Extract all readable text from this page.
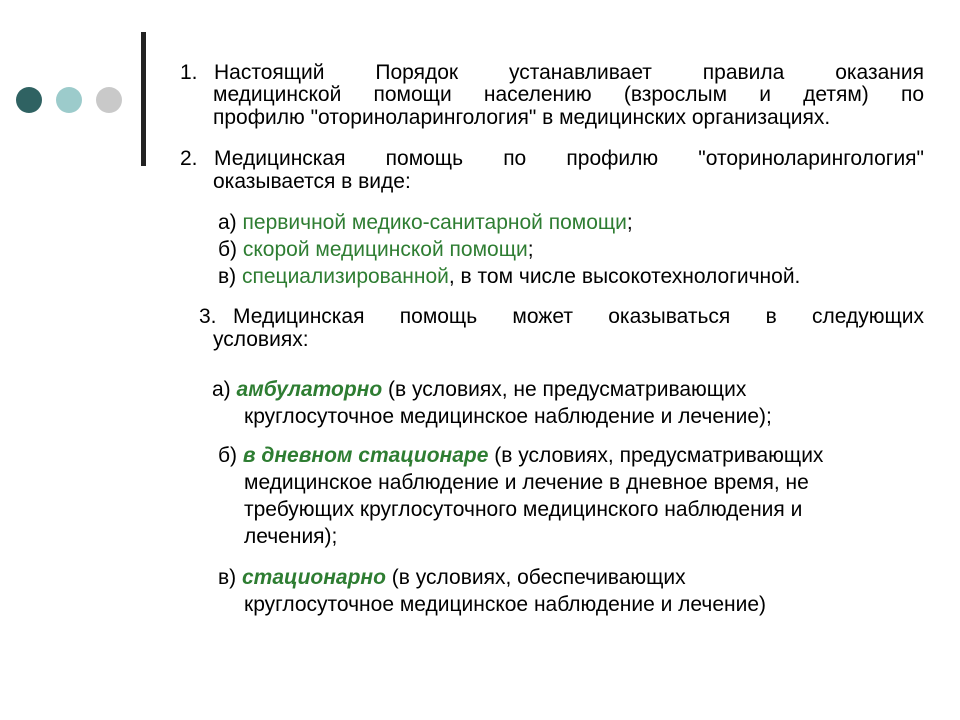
1. Настоящий Порядок устанавливает правила оказания
медицинской помощи населению (взрослым и детям) по
профилю "оториноларингология" в медицинских организациях.
2. Медицинская помощь по профилю "оториноларингология"
оказывается в виде:
а) первичной медико-санитарной помощи;
б) скорой медицинской помощи;
в) специализированной, в том числе высокотехнологичной.
3. Медицинская помощь может оказываться в следующих
условиях:
а) амбулаторно (в условиях, не предусматривающих
круглосуточное медицинское наблюдение и лечение);
б) в дневном стационаре (в условиях, предусматривающих
медицинское наблюдение и лечение в дневное время, не
требующих круглосуточного медицинского наблюдения и
лечения);
в) стационарно (в условиях, обеспечивающих
круглосуточное медицинское наблюдение и лечение)
